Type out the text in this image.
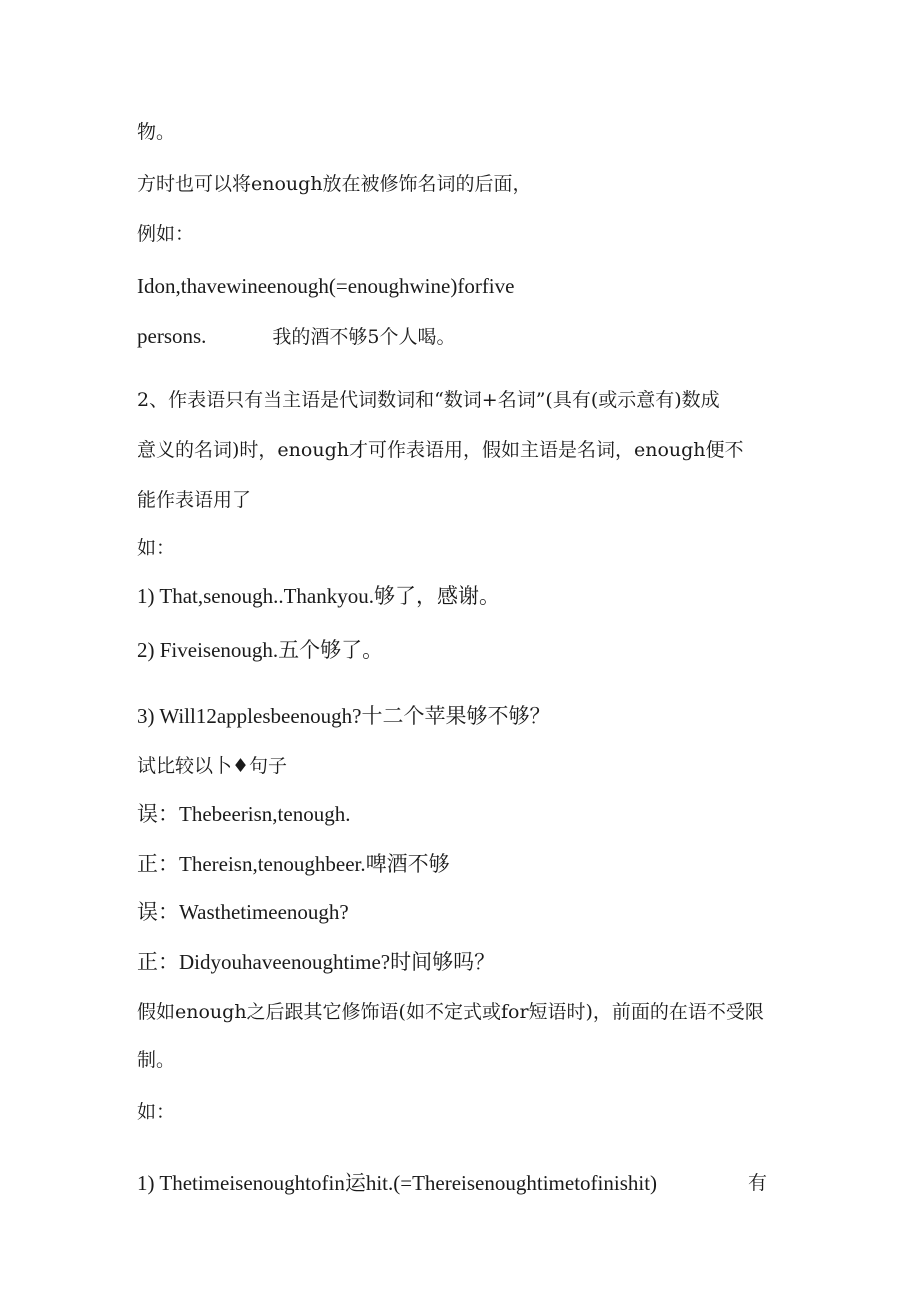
物。

方时也可以将enough放在被修饰名词的后面，

例如：

Idon,thavewineenough(=enoughwine)forfive

persons.	我的酒不够5个人喝。

2、作表语只有当主语是代词数词和“数词+名词”(具有(或示意有)数成

意义的名词)时，enough才可作表语用，假如主语是名词，enough便不

能作表语用了

如：

1) That,senough..Thankyou.够了，感谢。

2) Fiveisenough.五个够了。

3) Will12applesbeenough?十二个苹果够不够？

试比较以卜♦句子

误：Thebeerisn,tenough.

正：Thereisn,tenoughbeer.啤酒不够

误：Wasthetimeenough?

正：Didyouhaveenoughtime?时间够吗？

假如enough之后跟其它修饰语(如不定式或for短语时)，前面的在语不受限

制。

如：

1) Thetimeisenoughtofin运hit.(=Thereisenoughtimetofinishit)	有
